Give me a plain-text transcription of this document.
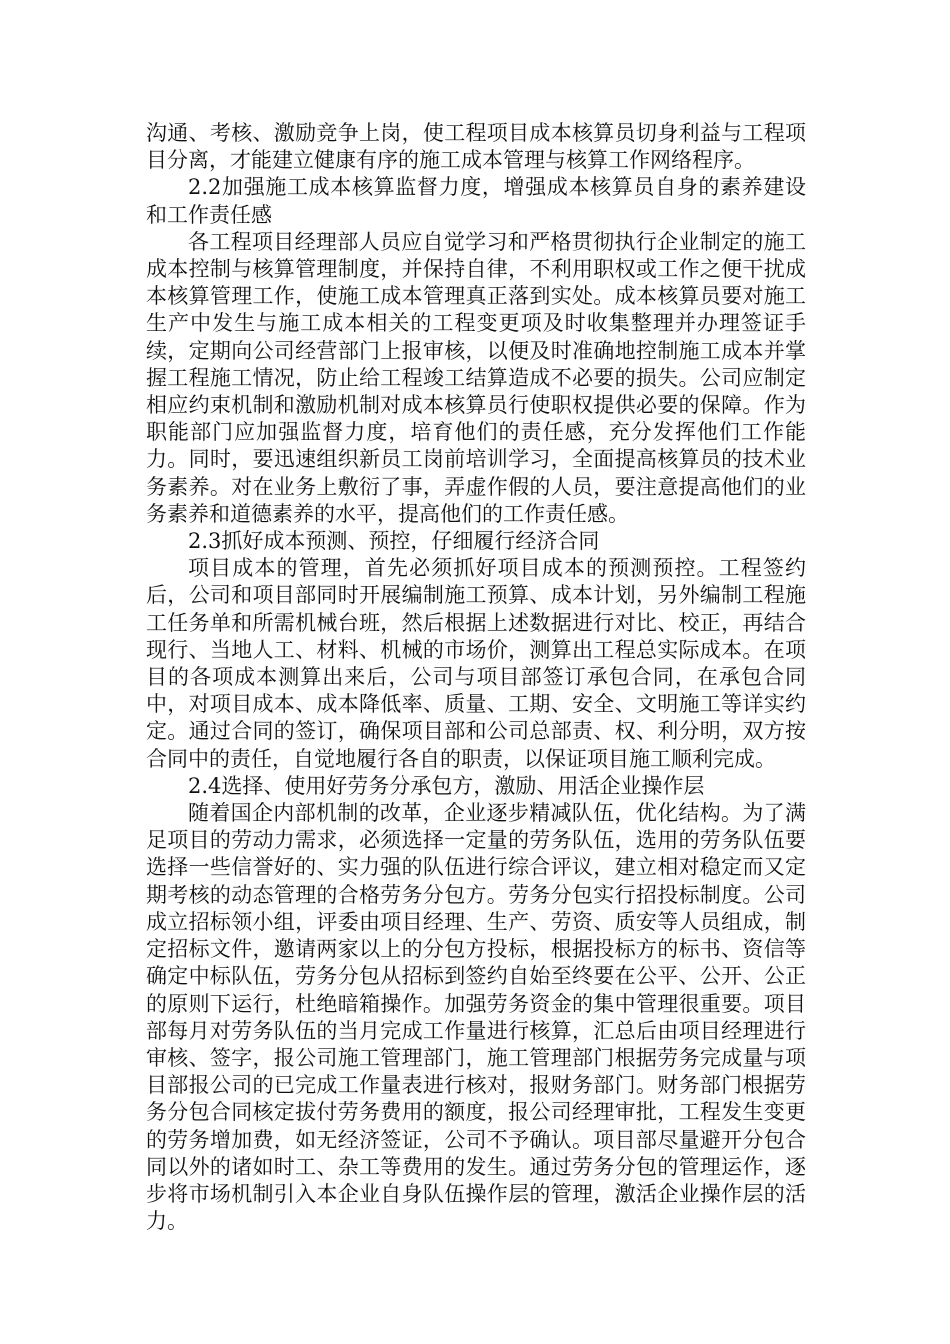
沟通、考核、激励竞争上岗，使工程项目成本核算员切身利益与工程项目分离，才能建立健康有序的施工成本管理与核算工作网络程序。

2.2加强施工成本核算监督力度，增强成本核算员自身的素养建设和工作责任感

各工程项目经理部人员应自觉学习和严格贯彻执行企业制定的施工成本控制与核算管理制度，并保持自律，不利用职权或工作之便干扰成本核算管理工作，使施工成本管理真正落到实处。成本核算员要对施工生产中发生与施工成本相关的工程变更项及时收集整理并办理签证手续，定期向公司经营部门上报审核，以便及时准确地控制施工成本并掌握工程施工情况，防止给工程竣工结算造成不必要的损失。公司应制定相应约束机制和激励机制对成本核算员行使职权提供必要的保障。作为职能部门应加强监督力度，培育他们的责任感，充分发挥他们工作能力。同时，要迅速组织新员工岗前培训学习，全面提高核算员的技术业务素养。对在业务上敷衍了事，弄虚作假的人员，要注意提高他们的业务素养和道德素养的水平，提高他们的工作责任感。

2.3抓好成本预测、预控，仔细履行经济合同

项目成本的管理，首先必须抓好项目成本的预测预控。工程签约后，公司和项目部同时开展编制施工预算、成本计划，另外编制工程施工任务单和所需机械台班，然后根据上述数据进行对比、校正，再结合现行、当地人工、材料、机械的市场价，测算出工程总实际成本。在项目的各项成本测算出来后，公司与项目部签订承包合同，在承包合同中，对项目成本、成本降低率、质量、工期、安全、文明施工等详实约定。通过合同的签订，确保项目部和公司总部责、权、利分明，双方按合同中的责任，自觉地履行各自的职责，以保证项目施工顺利完成。

2.4选择、使用好劳务分承包方，激励、用活企业操作层

随着国企内部机制的改革，企业逐步精减队伍，优化结构。为了满足项目的劳动力需求，必须选择一定量的劳务队伍，选用的劳务队伍要选择一些信誉好的、实力强的队伍进行综合评议，建立相对稳定而又定期考核的动态管理的合格劳务分包方。劳务分包实行招投标制度。公司成立招标领小组，评委由项目经理、生产、劳资、质安等人员组成，制定招标文件，邀请两家以上的分包方投标，根据投标方的标书、资信等确定中标队伍，劳务分包从招标到签约自始至终要在公平、公开、公正的原则下运行，杜绝暗箱操作。加强劳务资金的集中管理很重要。项目部每月对劳务队伍的当月完成工作量进行核算，汇总后由项目经理进行审核、签字，报公司施工管理部门，施工管理部门根据劳务完成量与项目部报公司的已完成工作量表进行核对，报财务部门。财务部门根据劳务分包合同核定拔付劳务费用的额度，报公司经理审批，工程发生变更的劳务增加费，如无经济签证，公司不予确认。项目部尽量避开分包合同以外的诸如时工、杂工等费用的发生。通过劳务分包的管理运作，逐步将市场机制引入本企业自身队伍操作层的管理，激活企业操作层的活力。
